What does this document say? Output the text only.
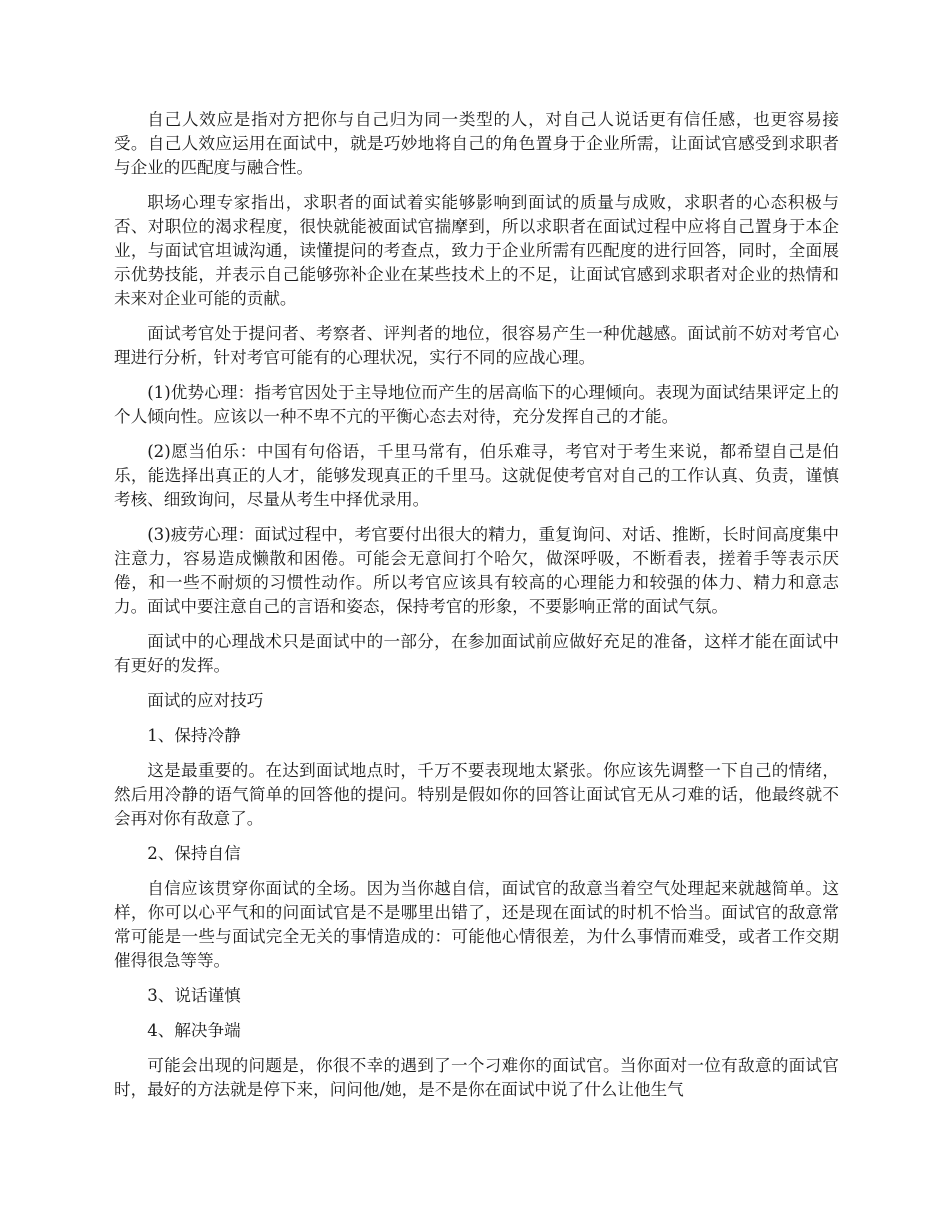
自己人效应是指对方把你与自己归为同一类型的人，对自己人说话更有信任感，也更容易接受。自己人效应运用在面试中，就是巧妙地将自己的角色置身于企业所需，让面试官感受到求职者与企业的匹配度与融合性。

职场心理专家指出，求职者的面试着实能够影响到面试的质量与成败，求职者的心态积极与否、对职位的渴求程度，很快就能被面试官揣摩到，所以求职者在面试过程中应将自己置身于本企业，与面试官坦诚沟通，读懂提问的考查点，致力于企业所需有匹配度的进行回答，同时，全面展示优势技能，并表示自己能够弥补企业在某些技术上的不足，让面试官感到求职者对企业的热情和未来对企业可能的贡献。

面试考官处于提问者、考察者、评判者的地位，很容易产生一种优越感。面试前不妨对考官心理进行分析，针对考官可能有的心理状况，实行不同的应战心理。

(1)优势心理：指考官因处于主导地位而产生的居高临下的心理倾向。表现为面试结果评定上的个人倾向性。应该以一种不卑不亢的平衡心态去对待，充分发挥自己的才能。

(2)愿当伯乐：中国有句俗语，千里马常有，伯乐难寻，考官对于考生来说，都希望自己是伯乐，能选择出真正的人才，能够发现真正的千里马。这就促使考官对自己的工作认真、负责，谨慎考核、细致询问，尽量从考生中择优录用。

(3)疲劳心理：面试过程中，考官要付出很大的精力，重复询问、对话、推断，长时间高度集中注意力，容易造成懒散和困倦。可能会无意间打个哈欠，做深呼吸，不断看表，搓着手等表示厌倦，和一些不耐烦的习惯性动作。所以考官应该具有较高的心理能力和较强的体力、精力和意志力。面试中要注意自己的言语和姿态，保持考官的形象，不要影响正常的面试气氛。

面试中的心理战术只是面试中的一部分，在参加面试前应做好充足的准备，这样才能在面试中有更好的发挥。

面试的应对技巧

1、保持冷静

这是最重要的。在达到面试地点时，千万不要表现地太紧张。你应该先调整一下自己的情绪，然后用冷静的语气简单的回答他的提问。特别是假如你的回答让面试官无从刁难的话，他最终就不会再对你有敌意了。

2、保持自信

自信应该贯穿你面试的全场。因为当你越自信，面试官的敌意当着空气处理起来就越简单。这样，你可以心平气和的问面试官是不是哪里出错了，还是现在面试的时机不恰当。面试官的敌意常常可能是一些与面试完全无关的事情造成的：可能他心情很差，为什么事情而难受，或者工作交期催得很急等等。

3、说话谨慎

4、解决争端

可能会出现的问题是，你很不幸的遇到了一个刁难你的面试官。当你面对一位有敌意的面试官时，最好的方法就是停下来，问问他/她，是不是你在面试中说了什么让他生气
